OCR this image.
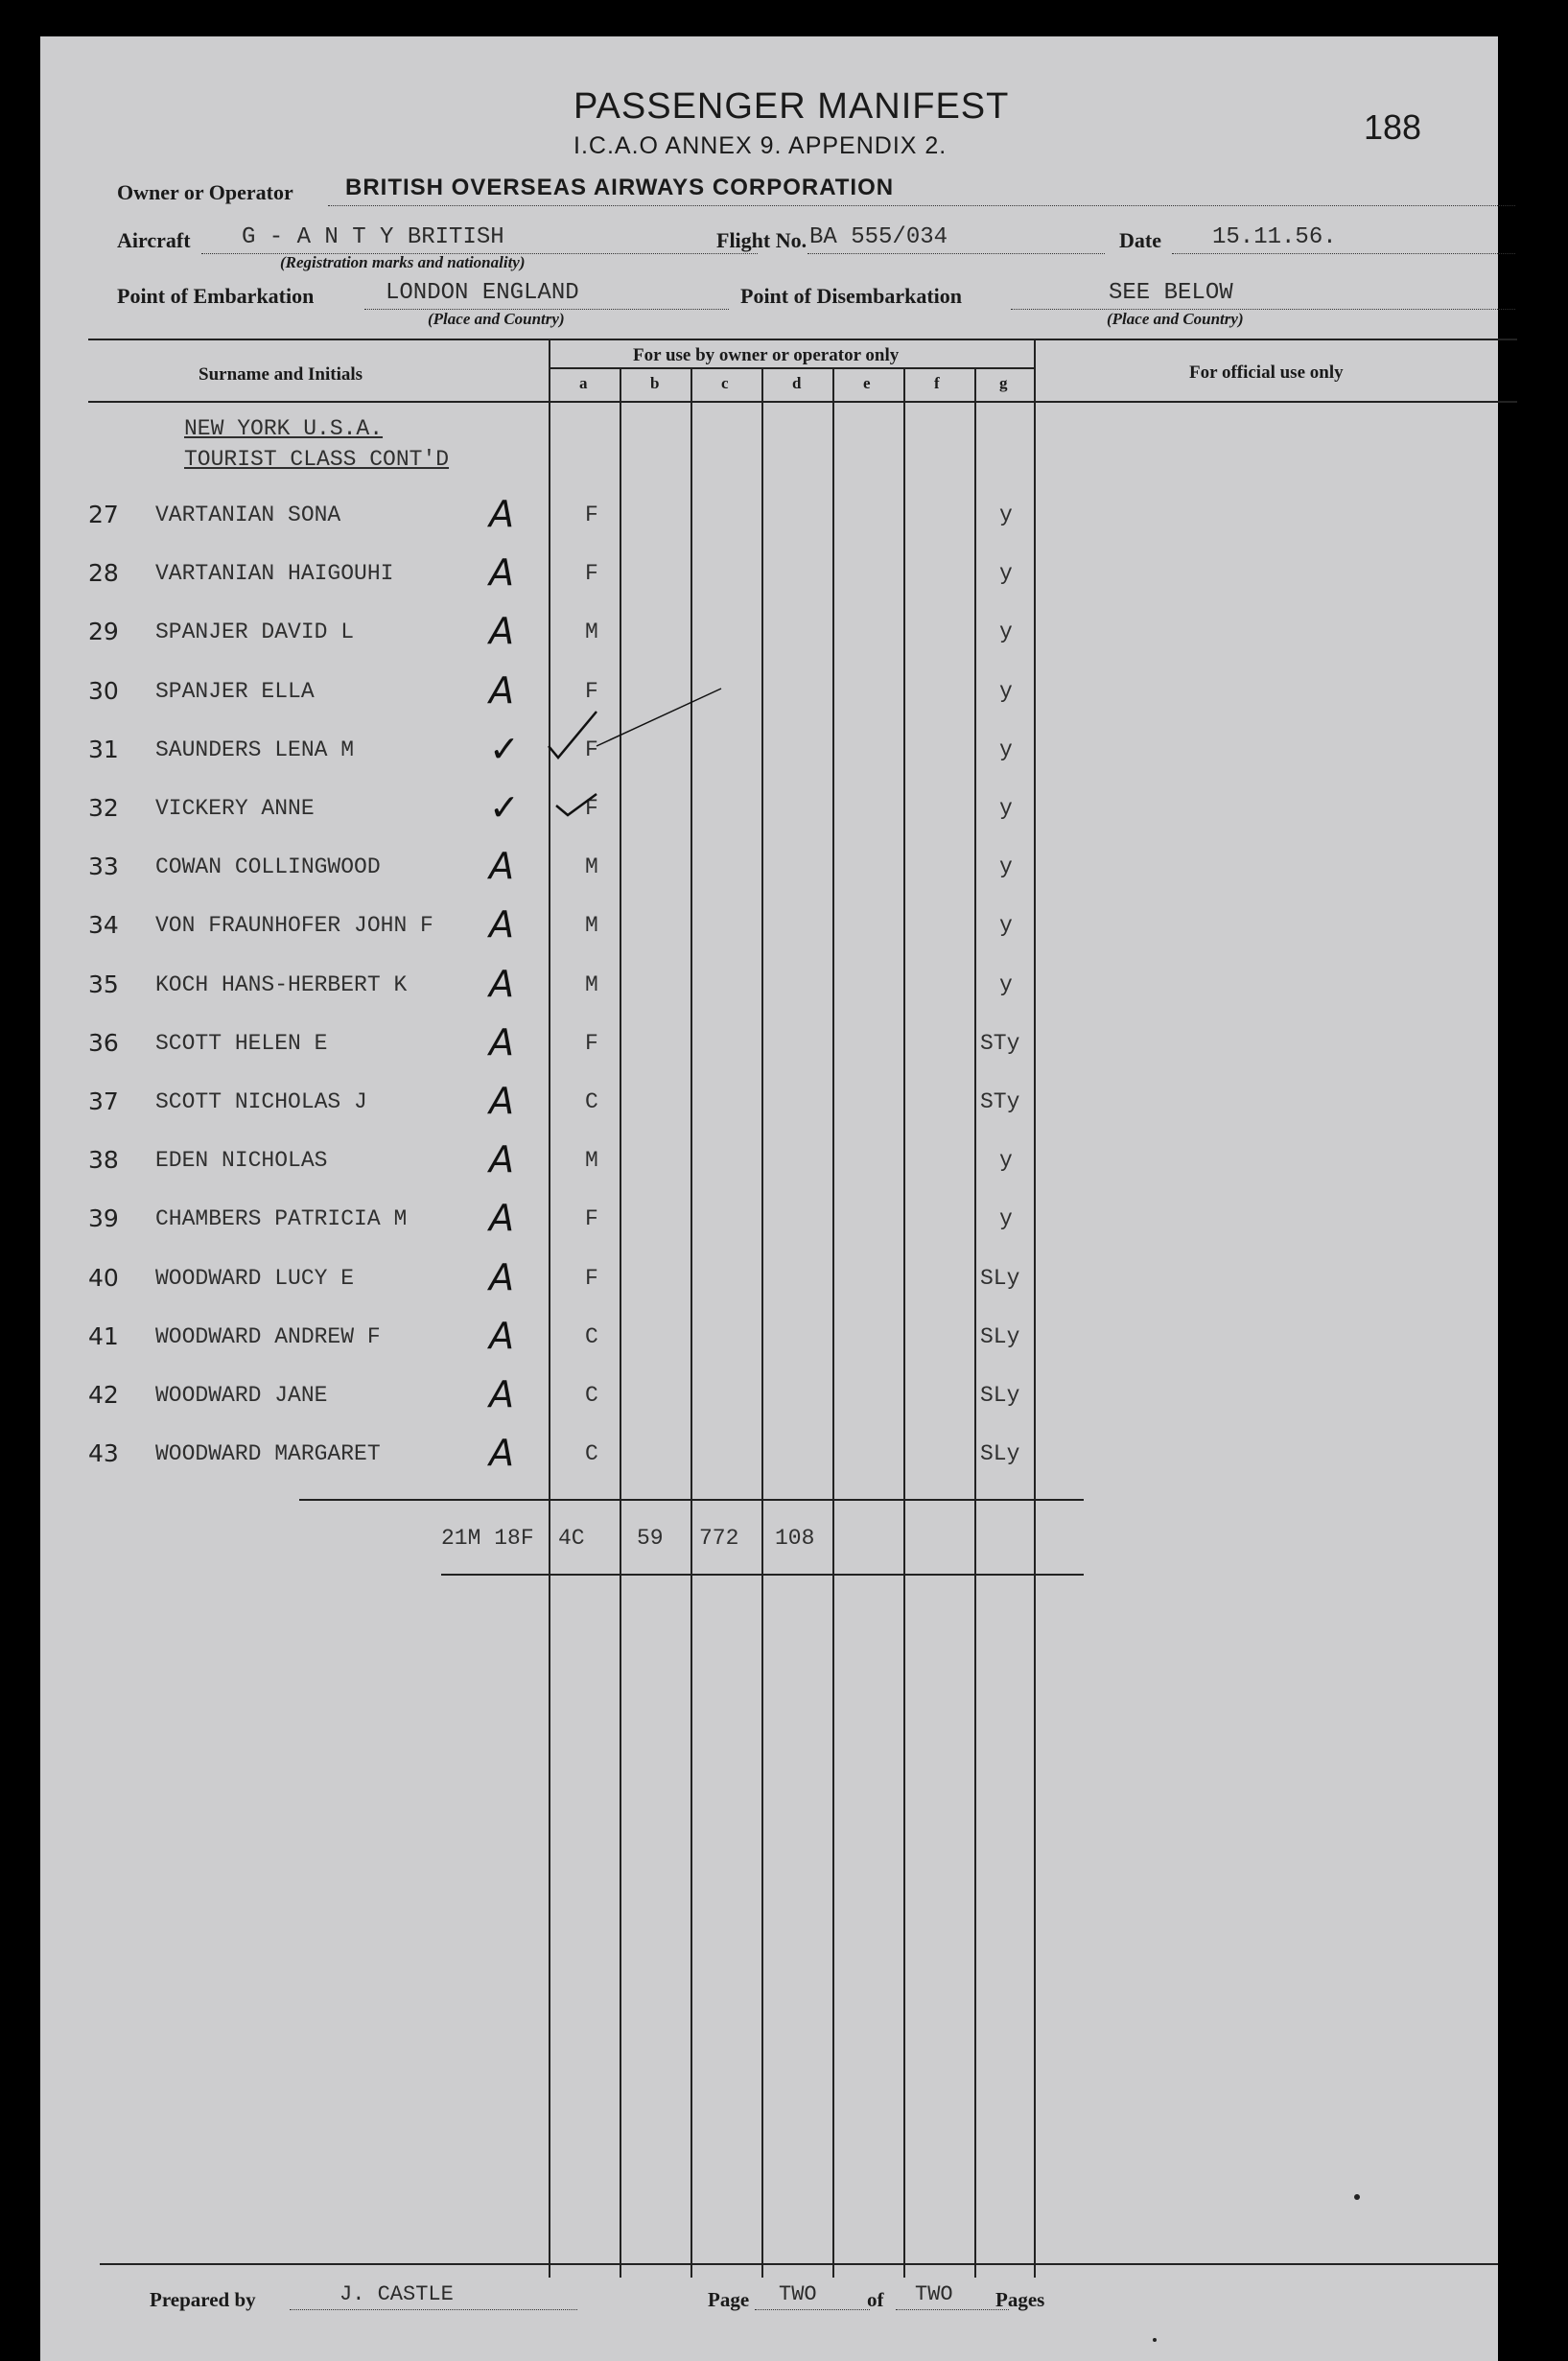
PASSENGER MANIFEST
I.C.A.O ANNEX 9. APPENDIX 2.	188
Owner or Operator BRITISH OVERSEAS AIRWAYS CORPORATION
Aircraft G - A N T Y BRITISH
(Registration marks and nationality)
Flight No. BA 555/034	Date 15.11.56.
Point of Embarkation	LONDON ENGLAND
(Place and Country)
Point of Disembarkation	SEE BELOW
(Place and Country)
Surname and Initials
For use by owner or operator only
For official use only
a	b	c	d	e	f	g
NEW YORK U.S.A.
TOURIST CLASS CONT'D
27 VARTANIAN SONA	A	F	y
28 VARTANIAN HAIGOUHI	A	F	y
29 SPANJER DAVID L	A	M	y
30 SPANJER ELLA	A	F	y
31 SAUNDERS LENA M	✓	F	y
32 VICKERY ANNE	✓	F	y
33 COWAN COLLINGWOOD	A	M	y
34 VON FRAUNHOFER JOHN F A	M	y
35 KOCH HANS-HERBERT K A	M	y
36 SCOTT HELEN E	A	F	STy
37 SCOTT NICHOLAS J	A	C	STy
38 EDEN NICHOLAS	A	M	y
39 CHAMBERS PATRICIA M A	F	y
40 WOODWARD LUCY E	A	F	SLy
41 WOODWARD ANDREW F	A	C	SLy
42 WOODWARD JANE	A	C	SLy
43 WOODWARD MARGARET	A	C	SLy
21M 18F 4C 59 772 108
Prepared by	J. CASTLE	Page TWO of TWO Pages
